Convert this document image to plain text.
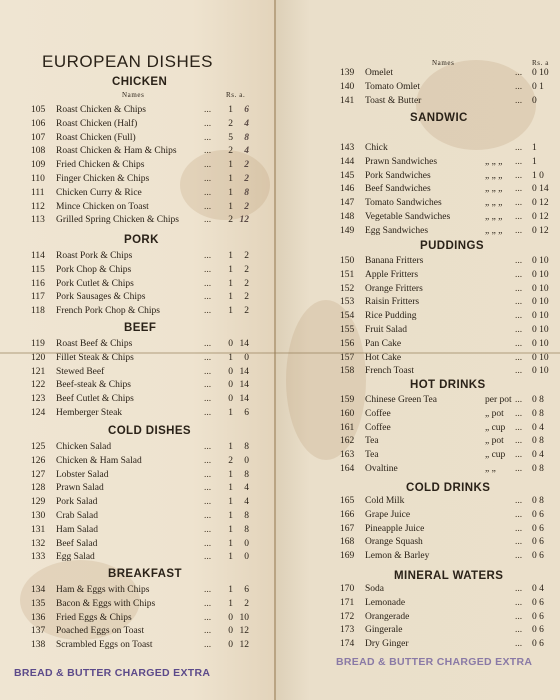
EUROPEAN DISHES
CHICKEN
Names	Rs. a.
105 Roast Chicken & Chips	...	1	6
106 Roast Chicken (Half)	...	2	4
107 Roast Chicken (Full)	...	5	8
108 Roast Chicken & Ham & Chips	...	2	4
109 Fried Chicken & Chips	...	1	2
110 Finger Chicken & Chips	...	1	2
111 Chicken Curry & Rice	...	1	8
112 Mince Chicken on Toast	...	1	2
113 Grilled Spring Chicken & Chips	...	2 12
PORK
114 Roast Pork & Chips	...	1	2
115 Pork Chop & Chips	...	1	2
116 Pork Cutlet & Chips	...	1	2
117 Pork Sausages & Chips	...	1	2
118 French Pork Chop & Chips	...	1	2
BEEF
119 Roast Beef & Chips	...	0 14
120 Fillet Steak & Chips	...	1	0
121 Stewed Beef	...	0 14
122 Beef-steak & Chips	...	0 14
123 Beef Cutlet & Chips	...	0 14
124 Hemberger Steak	...	1	6
COLD DISHES
125 Chicken Salad	...	1	8
126 Chicken & Ham Salad	...	2	0
127 Lobster Salad	...	1	8
128 Prawn Salad	...	1	4
129 Pork Salad	...	1	4
130 Crab Salad	...	1	8
131 Ham Salad	...	1	8
132 Beef Salad	...	1	0
133 Egg Salad	...	1	0
BREAKFAST
134 Ham & Eggs with Chips	...	1	6
135 Bacon & Eggs with Chips	...	1	2
136 Fried Eggs & Chips	...	0 10
137 Poached Eggs on Toast	...	0 12
138 Scrambled Eggs on Toast	...	0 12
BREAD & BUTTER CHARGED EXTRA
Names	Rs. a
139 Omelet	... 0 10
140 Tomato Omlet	... 0 1
141 Toast & Butter	... 0
SANDWIC
143 Chick	... 1
144 Prawn Sandwiches	„ „ „ ... 1
145 Pork Sandwiches	„ „ „ ... 1 0
146 Beef Sandwiches	„ „ „ ... 0 14
147 Tomato Sandwiches	„ „ „ ... 0 12
148 Vegetable Sandwiches	„ „ „ ... 0 12
149 Egg Sandwiches	„ „ „ ... 0 12
PUDDINGS
150 Banana Fritters	... 0 10
151 Apple Fritters	... 0 10
152 Orange Fritters	... 0 10
153 Raisin Fritters	... 0 10
154 Rice Pudding	... 0 10
155 Fruit Salad	... 0 10
156 Pan Cake	... 0 10
157 Hot Cake	... 0 10
158 French Toast	... 0 10
HOT DRINKS
159 Chinese Green Tea	per pot ... 0 8
160 Coffee	„ pot ... 0 8
161 Coffee	„ cup ... 0 4
162 Tea	„ pot ... 0 8
163 Tea	„ cup ... 0 4
164 Ovaltine	„ „ ... 0 8
COLD DRINKS
165 Cold Milk	... 0 8
166 Grape Juice	... 0 6
167 Pineapple Juice	... 0 6
168 Orange Squash	... 0 6
169 Lemon & Barley	... 0 6
MINERAL WATERS
170 Soda	... 0 4
171 Lemonade	... 0 6
172 Orangerade	... 0 6
173 Gingerale	... 0 6
174 Dry Ginger	... 0 6
BREAD & BUTTER CHARGED EXTRA
